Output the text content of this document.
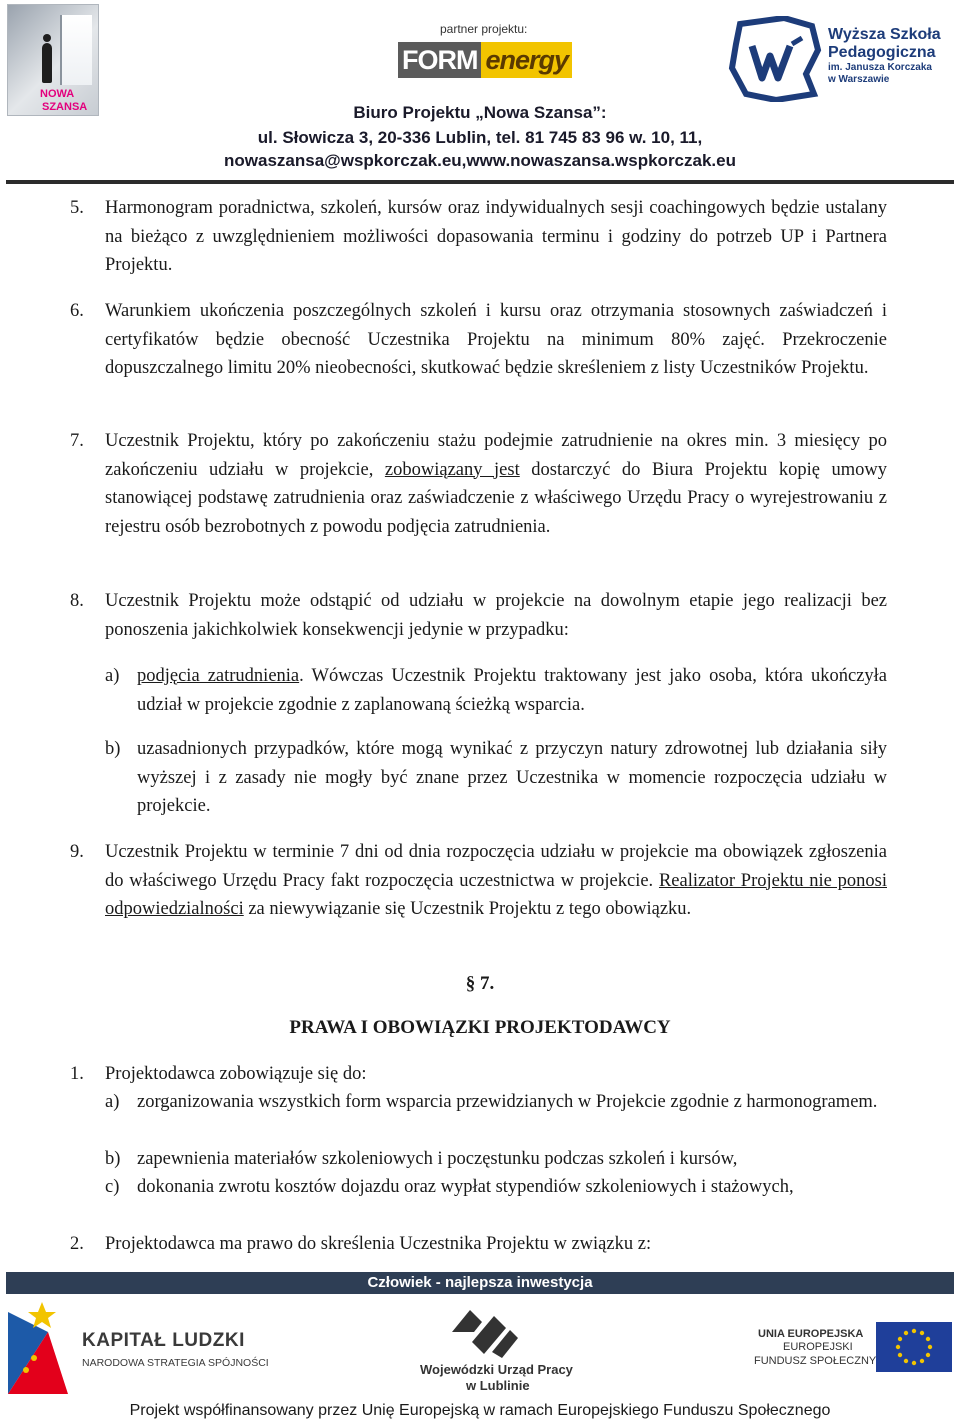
NOWA
SZANSA
partner projektu:
FORM energy
Wyższa Szkoła
Pedagogiczna
im. Janusza Korczaka
w Warszawie
Biuro Projektu „Nowa Szansa”:
ul. Słowicza 3, 20-336 Lublin, tel. 81 745 83 96 w. 10, 11,
nowaszansa@wspkorczak.eu,www.nowaszansa.wspkorczak.eu
5. Harmonogram poradnictwa, szkoleń, kursów oraz indywidualnych sesji coachingowych będzie ustalany na bieżąco z uwzględnieniem możliwości dopasowania terminu i godziny do potrzeb UP i Partnera Projektu.
6. Warunkiem ukończenia poszczególnych szkoleń i kursu oraz otrzymania stosownych zaświadczeń i certyfikatów będzie obecność Uczestnika Projektu na minimum 80% zajęć. Przekroczenie dopuszczalnego limitu 20% nieobecności, skutkować będzie skreśleniem z listy Uczestników Projektu.
7. Uczestnik Projektu, który po zakończeniu stażu podejmie zatrudnienie na okres min. 3 miesięcy po zakończeniu udziału w projekcie, zobowiązany jest dostarczyć do Biura Projektu kopię umowy stanowiącej podstawę zatrudnienia oraz zaświadczenie z właściwego Urzędu Pracy o wyrejestrowaniu z rejestru osób bezrobotnych z powodu podjęcia zatrudnienia.
8. Uczestnik Projektu może odstąpić od udziału w projekcie na dowolnym etapie jego realizacji bez ponoszenia jakichkolwiek konsekwencji jedynie w przypadku:
a) podjęcia zatrudnienia. Wówczas Uczestnik Projektu traktowany jest jako osoba, która ukończyła udział w projekcie zgodnie z zaplanowaną ścieżką wsparcia.
b) uzasadnionych przypadków, które mogą wynikać z przyczyn natury zdrowotnej lub działania siły wyższej i z zasady nie mogły być znane przez Uczestnika w momencie rozpoczęcia udziału w projekcie.
9. Uczestnik Projektu w terminie 7 dni od dnia rozpoczęcia udziału w projekcie ma obowiązek zgłoszenia do właściwego Urzędu Pracy fakt rozpoczęcia uczestnictwa w projekcie. Realizator Projektu nie ponosi odpowiedzialności za niewywiązanie się Uczestnik Projektu z tego obowiązku.
§ 7.
PRAWA I OBOWIĄZKI PROJEKTODAWCY
1. Projektodawca zobowiązuje się do:
a) zorganizowania wszystkich form wsparcia przewidzianych w Projekcie zgodnie z harmonogramem.
b) zapewnienia materiałów szkoleniowych i poczęstunku podczas szkoleń i kursów,
c) dokonania zwrotu kosztów dojazdu oraz wypłat stypendiów szkoleniowych i stażowych,
2. Projektodawca ma prawo do skreślenia Uczestnika Projektu w związku z:
Człowiek - najlepsza inwestycja
KAPITAŁ LUDZKI
NARODOWA STRATEGIA SPÓJNOŚCI	Wojewódzki Urząd Pracy
w Lublinie
UNIA EUROPEJSKA
EUROPEJSKI
FUNDUSZ SPOŁECZNY
Projekt współfinansowany przez Unię Europejską w ramach Europejskiego Funduszu Społecznego
